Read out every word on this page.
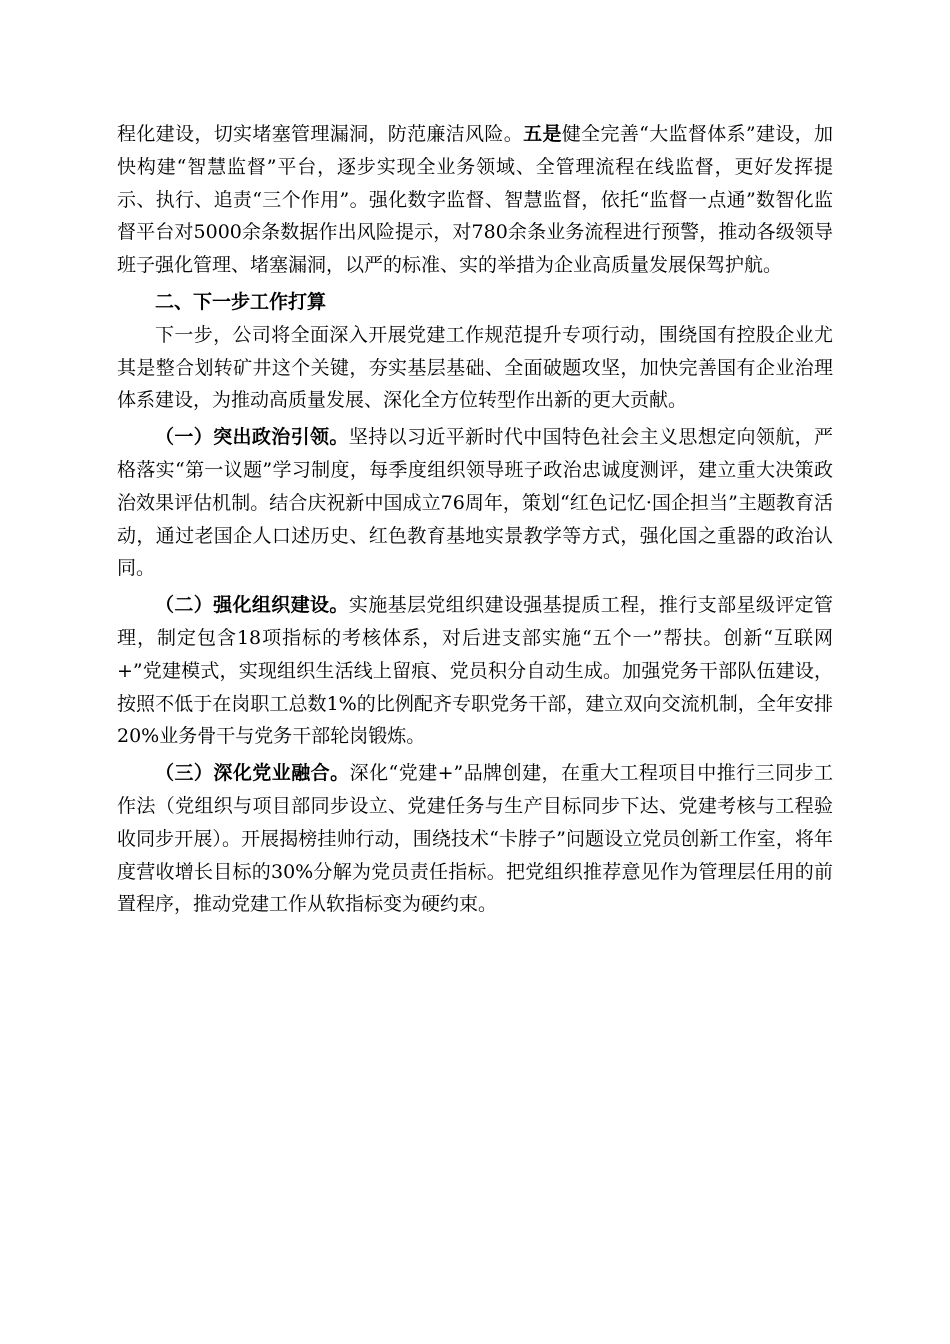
程化建设，切实堵塞管理漏洞，防范廉洁风险。五是健全完善“大监督体系”建设，加快构建“智慧监督”平台，逐步实现全业务领域、全管理流程在线监督，更好发挥提示、执行、追责“三个作用”。强化数字监督、智慧监督，依托“监督一点通”数智化监督平台对5000余条数据作出风险提示，对780余条业务流程进行预警，推动各级领导班子强化管理、堵塞漏洞，以严的标准、实的举措为企业高质量发展保驾护航。

二、下一步工作打算

下一步，公司将全面深入开展党建工作规范提升专项行动，围绕国有控股企业尤其是整合划转矿井这个关键，夯实基层基础、全面破题攻坚，加快完善国有企业治理体系建设，为推动高质量发展、深化全方位转型作出新的更大贡献。

（一）突出政治引领。坚持以习近平新时代中国特色社会主义思想定向领航，严格落实“第一议题”学习制度，每季度组织领导班子政治忠诚度测评，建立重大决策政治效果评估机制。结合庆祝新中国成立76周年，策划“红色记忆·国企担当”主题教育活动，通过老国企人口述历史、红色教育基地实景教学等方式，强化国之重器的政治认同。

（二）强化组织建设。实施基层党组织建设强基提质工程，推行支部星级评定管理，制定包含18项指标的考核体系，对后进支部实施“五个一”帮扶。创新“互联网+”党建模式，实现组织生活线上留痕、党员积分自动生成。加强党务干部队伍建设，按照不低于在岗职工总数1%的比例配齐专职党务干部，建立双向交流机制，全年安排20%业务骨干与党务干部轮岗锻炼。

（三）深化党业融合。深化“党建+”品牌创建，在重大工程项目中推行三同步工作法（党组织与项目部同步设立、党建任务与生产目标同步下达、党建考核与工程验收同步开展）。开展揭榜挂帅行动，围绕技术“卡脖子”问题设立党员创新工作室，将年度营收增长目标的30%分解为党员责任指标。把党组织推荐意见作为管理层任用的前置程序，推动党建工作从软指标变为硬约束。
